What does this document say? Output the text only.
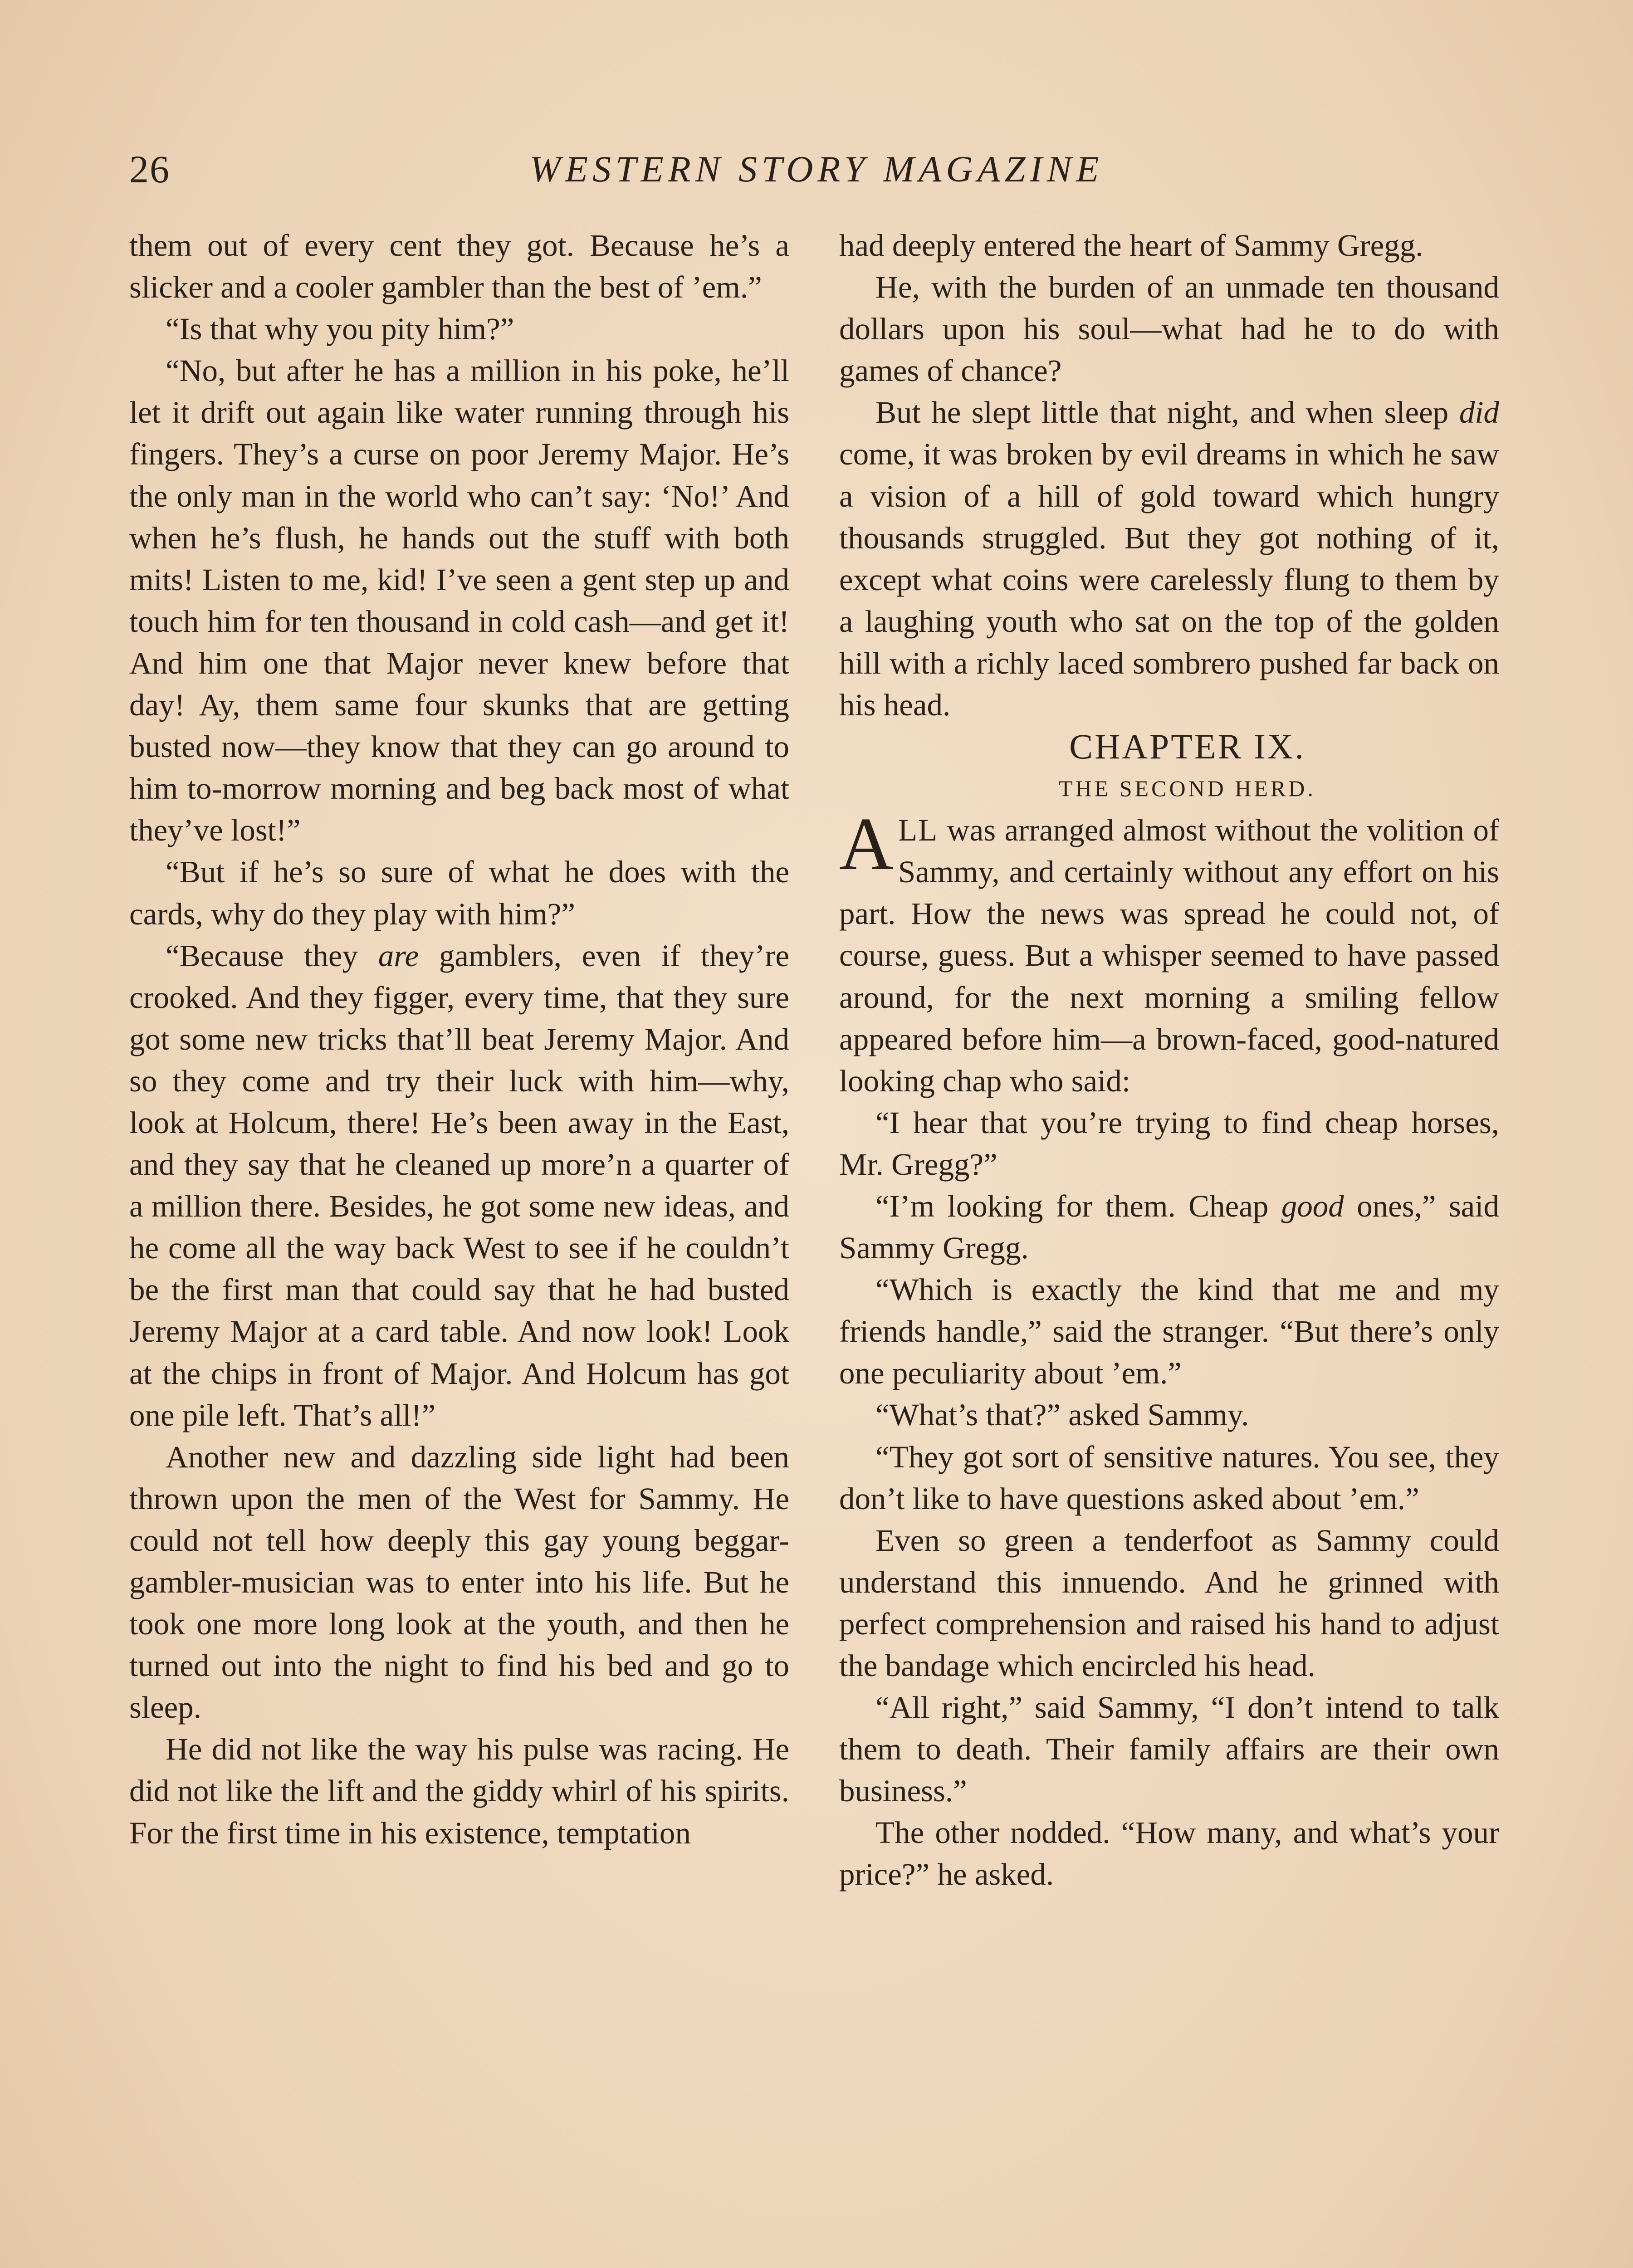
26	WESTERN STORY MAGAZINE

them out of every cent they got. Because he’s a slicker and a cooler gambler than the best of ’em.”

“Is that why you pity him?”

“No, but after he has a million in his poke, he’ll let it drift out again like water running through his fingers. They’s a curse on poor Jeremy Major. He’s the only man in the world who can’t say: ‘No!’ And when he’s flush, he hands out the stuff with both mits! Listen to me, kid! I’ve seen a gent step up and touch him for ten thousand in cold cash—and get it! And him one that Major never knew before that day! Ay, them same four skunks that are getting busted now—they know that they can go around to him to-morrow morning and beg back most of what they’ve lost!”

“But if he’s so sure of what he does with the cards, why do they play with him?”

“Because they are gamblers, even if they’re crooked. And they figger, every time, that they sure got some new tricks that’ll beat Jeremy Major. And so they come and try their luck with him—why, look at Holcum, there! He’s been away in the East, and they say that he cleaned up more’n a quarter of a million there. Besides, he got some new ideas, and he come all the way back West to see if he couldn’t be the first man that could say that he had busted Jeremy Major at a card table. And now look! Look at the chips in front of Major. And Holcum has got one pile left. That’s all!”

Another new and dazzling side light had been thrown upon the men of the West for Sammy. He could not tell how deeply this gay young beggar-gambler-musician was to enter into his life. But he took one more long look at the youth, and then he turned out into the night to find his bed and go to sleep.

He did not like the way his pulse was racing. He did not like the lift and the giddy whirl of his spirits. For the first time in his existence, temptation

had deeply entered the heart of Sammy Gregg.

He, with the burden of an unmade ten thousand dollars upon his soul—what had he to do with games of chance?

But he slept little that night, and when sleep did come, it was broken by evil dreams in which he saw a vision of a hill of gold toward which hungry thousands struggled. But they got nothing of it, except what coins were carelessly flung to them by a laughing youth who sat on the top of the golden hill with a richly laced sombrero pushed far back on his head.

CHAPTER IX.

THE SECOND HERD.

ALL was arranged almost without the volition of Sammy, and certainly without any effort on his part. How the news was spread he could not, of course, guess. But a whisper seemed to have passed around, for the next morning a smiling fellow appeared before him—a brown-faced, good-natured looking chap who said:

“I hear that you’re trying to find cheap horses, Mr. Gregg?”

“I’m looking for them. Cheap good ones,” said Sammy Gregg.

“Which is exactly the kind that me and my friends handle,” said the stranger. “But there’s only one peculiarity about ’em.”

“What’s that?” asked Sammy.

“They got sort of sensitive natures. You see, they don’t like to have questions asked about ’em.”

Even so green a tenderfoot as Sammy could understand this innuendo. And he grinned with perfect comprehension and raised his hand to adjust the bandage which encircled his head.

“All right,” said Sammy, “I don’t intend to talk them to death. Their family affairs are their own business.”

The other nodded. “How many, and what’s your price?” he asked.
